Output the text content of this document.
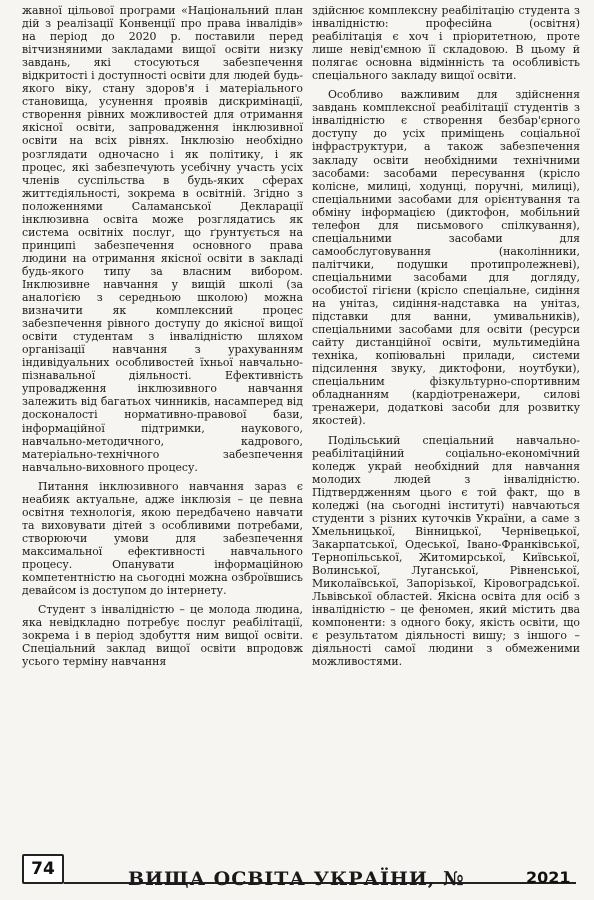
жавної цільової програми «Національний план дій з реалізації Конвенції про права інвалідів» на період до 2020 р. поставили перед вітчизняними закладами вищої освіти низку завдань, які стосуються забезпечення відкритості і доступності освіти для людей будь-якого віку, стану здоров'я і матеріального становища, усунення проявів дискримінації, створення рівних можливостей для отримання якісної освіти, запровадження інклюзивної освіти на всіх рівнях. Інклюзію необхідно розглядати одночасно і як політику, і як процес, які забезпечують усебічну участь усіх членів суспільства в будь-яких сферах життєдіяльності, зокрема в освітній. Згідно з положеннями Саламанської Декларації інклюзивна освіта може розглядатись як система освітніх послуг, що ґрунтується на принципі забезпечення основного права людини на отримання якісної освіти в закладі будь-якого типу за власним вибором. Інклюзивне навчання у вищій школі (за аналогією з середньою школою) можна визначити як комплексний процес забезпечення рівного доступу до якісної вищої освіти студентам з інвалідністю шляхом організації навчання з урахуванням індивідуальних особливостей їхньої навчально-пізнавальної діяльності. Ефективність упровадження інклюзивного навчання залежить від багатьох чинників, насамперед від досконалості нормативно-правової бази, інформаційної підтримки, наукового, навчально-методичного, кадрового, матеріально-технічного забезпечення навчально-виховного процесу.

Питання інклюзивного навчання зараз є неабияк актуальне, адже інклюзія – це певна освітня технологія, якою передбачено навчати та виховувати дітей з особливими потребами, створюючи умови для забезпечення максимальної ефективності навчального процесу. Опанувати інформаційною компетентністю на сьогодні можна озброївшись девайсом із доступом до інтернету.

Студент з інвалідністю – це молода людина, яка невідкладно потребує послуг реабілітації, зокрема і в період здобуття ним вищої освіти. Спеціальний заклад вищої освіти впродовж усього терміну навчання

здійснює комплексну реабілітацію студента з інвалідністю: професійна (освітня) реабілітація є хоч і пріоритетною, проте лише невід'ємною її складовою. В цьому й полягає основна відмінність та особливість спеціального закладу вищої освіти.

Особливо важливим для здійснення завдань комплексної реабілітації студентів з інвалідністю є створення безбар'єрного доступу до усіх приміщень соціальної інфраструктури, а також забезпечення закладу освіти необхідними технічними засобами: засобами пересування (крісло колісне, милиці, ходунці, поручні, милиці), спеціальними засобами для орієнтування та обміну інформацією (диктофон, мобільний телефон для письмового спілкування), спеціальними засобами для самообслуговування (наколінники, палітчики, подушки протипролежневі), спеціальними засобами для догляду, особистої гігієни (крісло спеціальне, сидіння на унітаз, сидіння-надставка на унітаз, підставки для ванни, умивальників), спеціальними засобами для освіти (ресурси сайту дистанційної освіти, мультимедійна техніка, копіювальні прилади, системи підсилення звуку, диктофони, ноутбуки), спеціальним фізкультурно-спортивним обладнанням (кардіотренажери, силові тренажери, додаткові засоби для розвитку якостей).

Подільський спеціальний навчально-реабілітаційний соціально-економічний коледж украй необхідний для навчання молодих людей з інвалідністю. Підтвердженням цього є той факт, що в коледжі (на сьогодні інституті) навчаються студенти з різних куточків України, а саме з Хмельницької, Вінницької, Чернівецької, Закарпатської, Одеської, Івано-Франківської, Тернопільської, Житомирської, Київської, Волинської, Луганської, Рівненської, Миколаївської, Запорізької, Кіровоградської. Львівської областей. Якісна освіта для осіб з інвалідністю – це феномен, який містить два компоненти: з одного боку, якість освіти, що є результатом діяльності вишу; з іншого – діяльності самої людини з обмеженими можливостями.

74	ВИЩА ОСВІТА УКРАЇНИ, №	2021
